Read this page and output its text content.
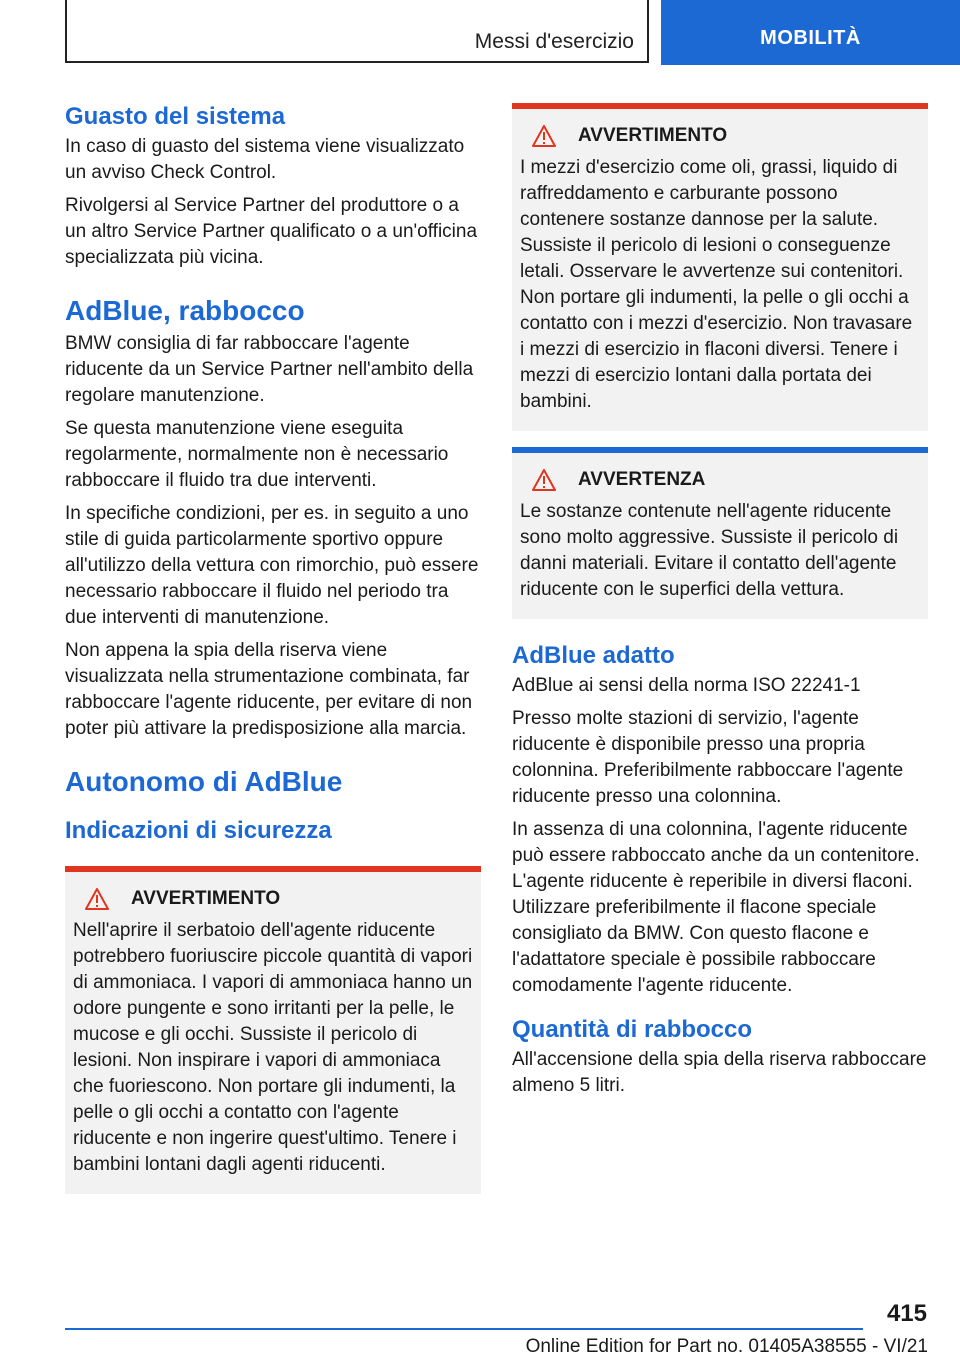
Messi d'esercizio	MOBILITÀ
Guasto del sistema

In caso di guasto del sistema viene visualizzato un avviso Check Control.

Rivolgersi al Service Partner del produttore o a un altro Service Partner qualificato o a un'officina specializzata più vicina.

AdBlue, rabbocco

BMW consiglia di far rabboccare l'agente riducente da un Service Partner nell'ambito della regolare manutenzione.

Se questa manutenzione viene eseguita regolarmente, normalmente non è necessario rabboccare il fluido tra due interventi.

In specifiche condizioni, per es. in seguito a uno stile di guida particolarmente sportivo oppure all'utilizzo della vettura con rimorchio, può essere necessario rabboccare il fluido nel periodo tra due interventi di manutenzione.

Non appena la spia della riserva viene visualizzata nella strumentazione combinata, far rabboccare l'agente riducente, per evitare di non poter più attivare la predisposizione alla marcia.

Autonomo di AdBlue
Indicazioni di sicurezza
AVVERTIMENTO

Nell'aprire il serbatoio dell'agente riducente potrebbero fuoriuscire piccole quantità di vapori di ammoniaca. I vapori di ammoniaca hanno un odore pungente e sono irritanti per la pelle, le mucose e gli occhi. Sussiste il pericolo di lesioni. Non inspirare i vapori di ammoniaca che fuoriescono. Non portare gli indumenti, la pelle o gli occhi a contatto con l'agente riducente e non ingerire quest'ultimo. Tenere i bambini lontani dagli agenti riducenti.

AVVERTIMENTO

I mezzi d'esercizio come oli, grassi, liquido di raffreddamento e carburante possono contenere sostanze dannose per la salute. Sussiste il pericolo di lesioni o conseguenze letali. Osservare le avvertenze sui contenitori. Non portare gli indumenti, la pelle o gli occhi a contatto con i mezzi d'esercizio. Non travasare i mezzi di esercizio in flaconi diversi. Tenere i mezzi di esercizio lontani dalla portata dei bambini.

AVVERTENZA

Le sostanze contenute nell'agente riducente sono molto aggressive. Sussiste il pericolo di danni materiali. Evitare il contatto dell'agente riducente con le superfici della vettura.

AdBlue adatto

AdBlue ai sensi della norma ISO 22241-1

Presso molte stazioni di servizio, l'agente riducente è disponibile presso una propria colonnina. Preferibilmente rabboccare l'agente riducente presso una colonnina.

In assenza di una colonnina, l'agente riducente può essere rabboccato anche da un contenitore. L'agente riducente è reperibile in diversi flaconi. Utilizzare preferibilmente il flacone speciale consigliato da BMW. Con questo flacone e l'adattatore speciale è possibile rabboccare comodamente l'agente riducente.

Quantità di rabbocco

All'accensione della spia della riserva rabboccare almeno 5 litri.

415
Online Edition for Part no. 01405A38555 - VI/21
